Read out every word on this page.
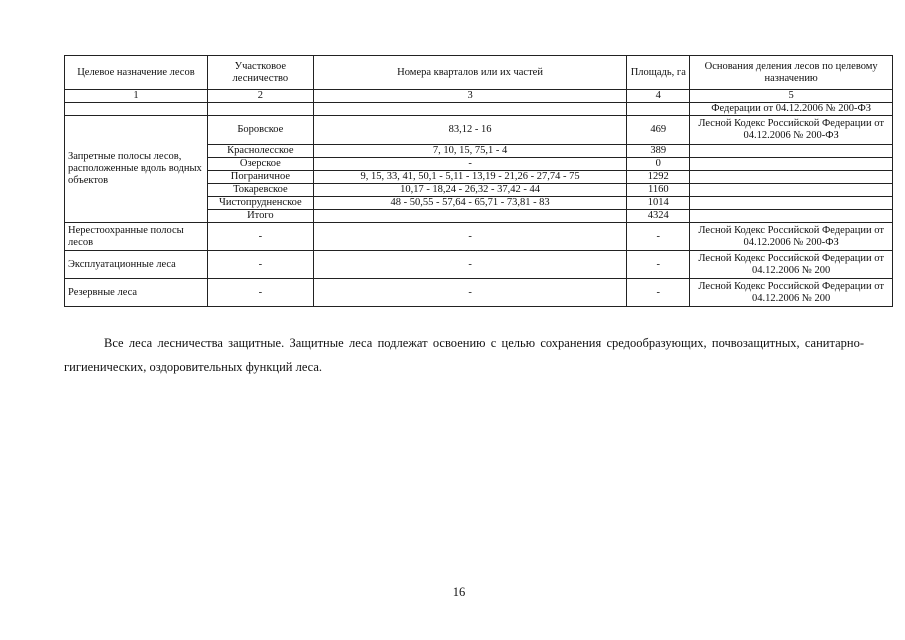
Целевое назначение лесов	Участковое лесничество	Номера кварталов или их частей	Площадь, га	Основания деления лесов по целевому назначению
1	2	3	4	5
				Федерации от 04.12.2006 № 200-ФЗ
Запретные полосы лесов, расположенные вдоль водных объектов	Боровское	83,12 - 16	469	Лесной Кодекс Российской Федерации от 04.12.2006 № 200-ФЗ
	Краснолесское	7, 10, 15, 75,1 - 4	389	
	Озерское	-	0	
	Пограничное	9, 15, 33, 41, 50,1 - 5,11 - 13,19 - 21,26 - 27,74 - 75	1292	
	Токаревское	10,17 - 18,24 - 26,32 - 37,42 - 44	1160	
	Чистопрудненское	48 - 50,55 - 57,64 - 65,71 - 73,81 - 83	1014	
	Итого		4324	
Нерестоохранные полосы лесов	-	-	-	Лесной Кодекс Российской Федерации от 04.12.2006 № 200-ФЗ
Эксплуатационные леса	-	-	-	Лесной Кодекс Российской Федерации от 04.12.2006 № 200
Резервные леса	-	-	-	Лесной Кодекс Российской Федерации от 04.12.2006 № 200

Все леса лесничества защитные. Защитные леса подлежат освоению с целью сохранения средообразующих, почвозащитных, санитарно-гигиенических, оздоровительных функций леса.

16
